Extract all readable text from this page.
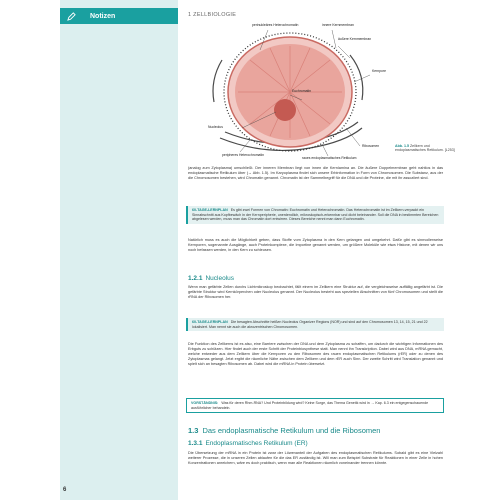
Notizen
6
1 ZELLBIOLOGIE
perinukleäres Heterochromatin	innere Kernmembran
äußere Kernmembran
Kernpore
Euchromatin
Nucleolus
Ribosomen
peripheres Heterochromatin
raues endoplasmatisches Retikulum
Abb. 1.5 Zellkern und endoplasmatisches Retikulum. [L253]
(analog zum Zytoplasma) umschließt. Der inneren Membran liegt von innen die Kernlamina an. Die äußere Doppelmembran geht nahtlos in das endoplasmatische Retikulum über (→ Abb. 1.5). Im Karyoplasma findet sich unsere Erbinformation in Form von Chromosomen. Die Substanz, aus der die Chromosomen bestehen, wird Chromatin genannt. Chromatin ist der Sammelbegriff für die DNA und die Proteine, die mit ihr assoziiert sind.
60-TAGE-LERNPLAN Es gibt zwei Formen von Chromatin: Euchromatin und Heterochromatin. Das Heterochromatin ist im Zellkern-verpackt ein Sinnabschnitt aus Kopfbewäch in der Kernperipherie, unerdendlich, mikroskopisch-erkennbar und dicht beieinander. Soll die DNA in bestimmten Bereichen abgelesen werden, muss man das Chromatin dort entwirren. Dieses Bereiche nennt man dann Euchromatin.
Natürlich muss es auch die Möglichkeit geben, dass Stoffe vom Zytoplasma in den Kern gelangen und umgekehrt. Dafür gibt es sinnvollerweise Kernporen, sogenannte Ausgänge, auch Proteinkomplexe, die Importine genannt werden, um größere Moleküle wie etwa Histone, mit denen wir uns noch befassen werden, in den Kern zu schleusen.
1.2.1 Nucleolus
Wenn man gefärbte Zellen durchs Lichtmikroskop beobachtet, fällt einem im Zellkern eine Struktur auf, die vergleichsweise auffällig angefärbt ist. Die gefärbte Struktur wird Kernkörperchen oder Nucleolus genannt. Der Nucleolus besteht aus speziellen Abschnitten von fünf Chromosomen und stellt die rRNA der Ribosomen her.
60-TAGE-LERNPLAN Die besagten Abschnitte heißen Nucleolus Organizer Regions (NOR) und sind auf den Chromosomen 13, 14, 15, 21 und 22 lokalisiert. Man nennt sie auch die akrozentrischen Chromosomen.
Die Funktion des Zellkerns ist es also, eine Barriere zwischen der DNA und dem Zytoplasma zu schaffen, um dadurch die wichtigen Informationen des Erbguts zu schützen. Hier findet auch der erste Schritt der Proteinbiosynthese statt. Man nennt ihn Transkription. Dabei wird aus DNA, mRNA gemacht, welche entweder aus dem Zellkern über die Kernporen zu den Ribosomen des rauen endoplasmatischen Retikulums (rER) oder zu denen des Zytoplasmas gelangt. Jetzt ergibt die räumliche Nähe zwischen dem Zellkern und dem rER auch Sinn. Der zweite Schritt wird Translation genannt und spielt sich an besagten Ribosomen ab. Dabei wird die mRNA in Protein übersetzt.
VORSTÄNDNIS: Was für deren Rhm-RNA? Und Proteinbildung wird? Keine Sorge, das Thema Genetik wird in → Kap. 6.3 ein entgegenschauende ausführlicher behandeln.
1.3 Das endoplasmatische Retikulum und die Ribosomen
1.3.1 Endoplasmatisches Retikulum (ER)
Die Übersetzung der mRNA in ein Protein ist zwar der Löwenanteil der Aufgaben des endoplasmatischen Retikulums. Sobald gibt es eine Vielzahl weiterer Prozesse, die in unseren Zellen ablaufen für die das ER zuständig ist. Will man zum Beispiel Substrate für Reaktionen in einer Zelle in hohen Konzentrationen anreichern, wäre es doch praktisch, wenn man alle Reaktionen räumlich voneinander trennen könnte.
